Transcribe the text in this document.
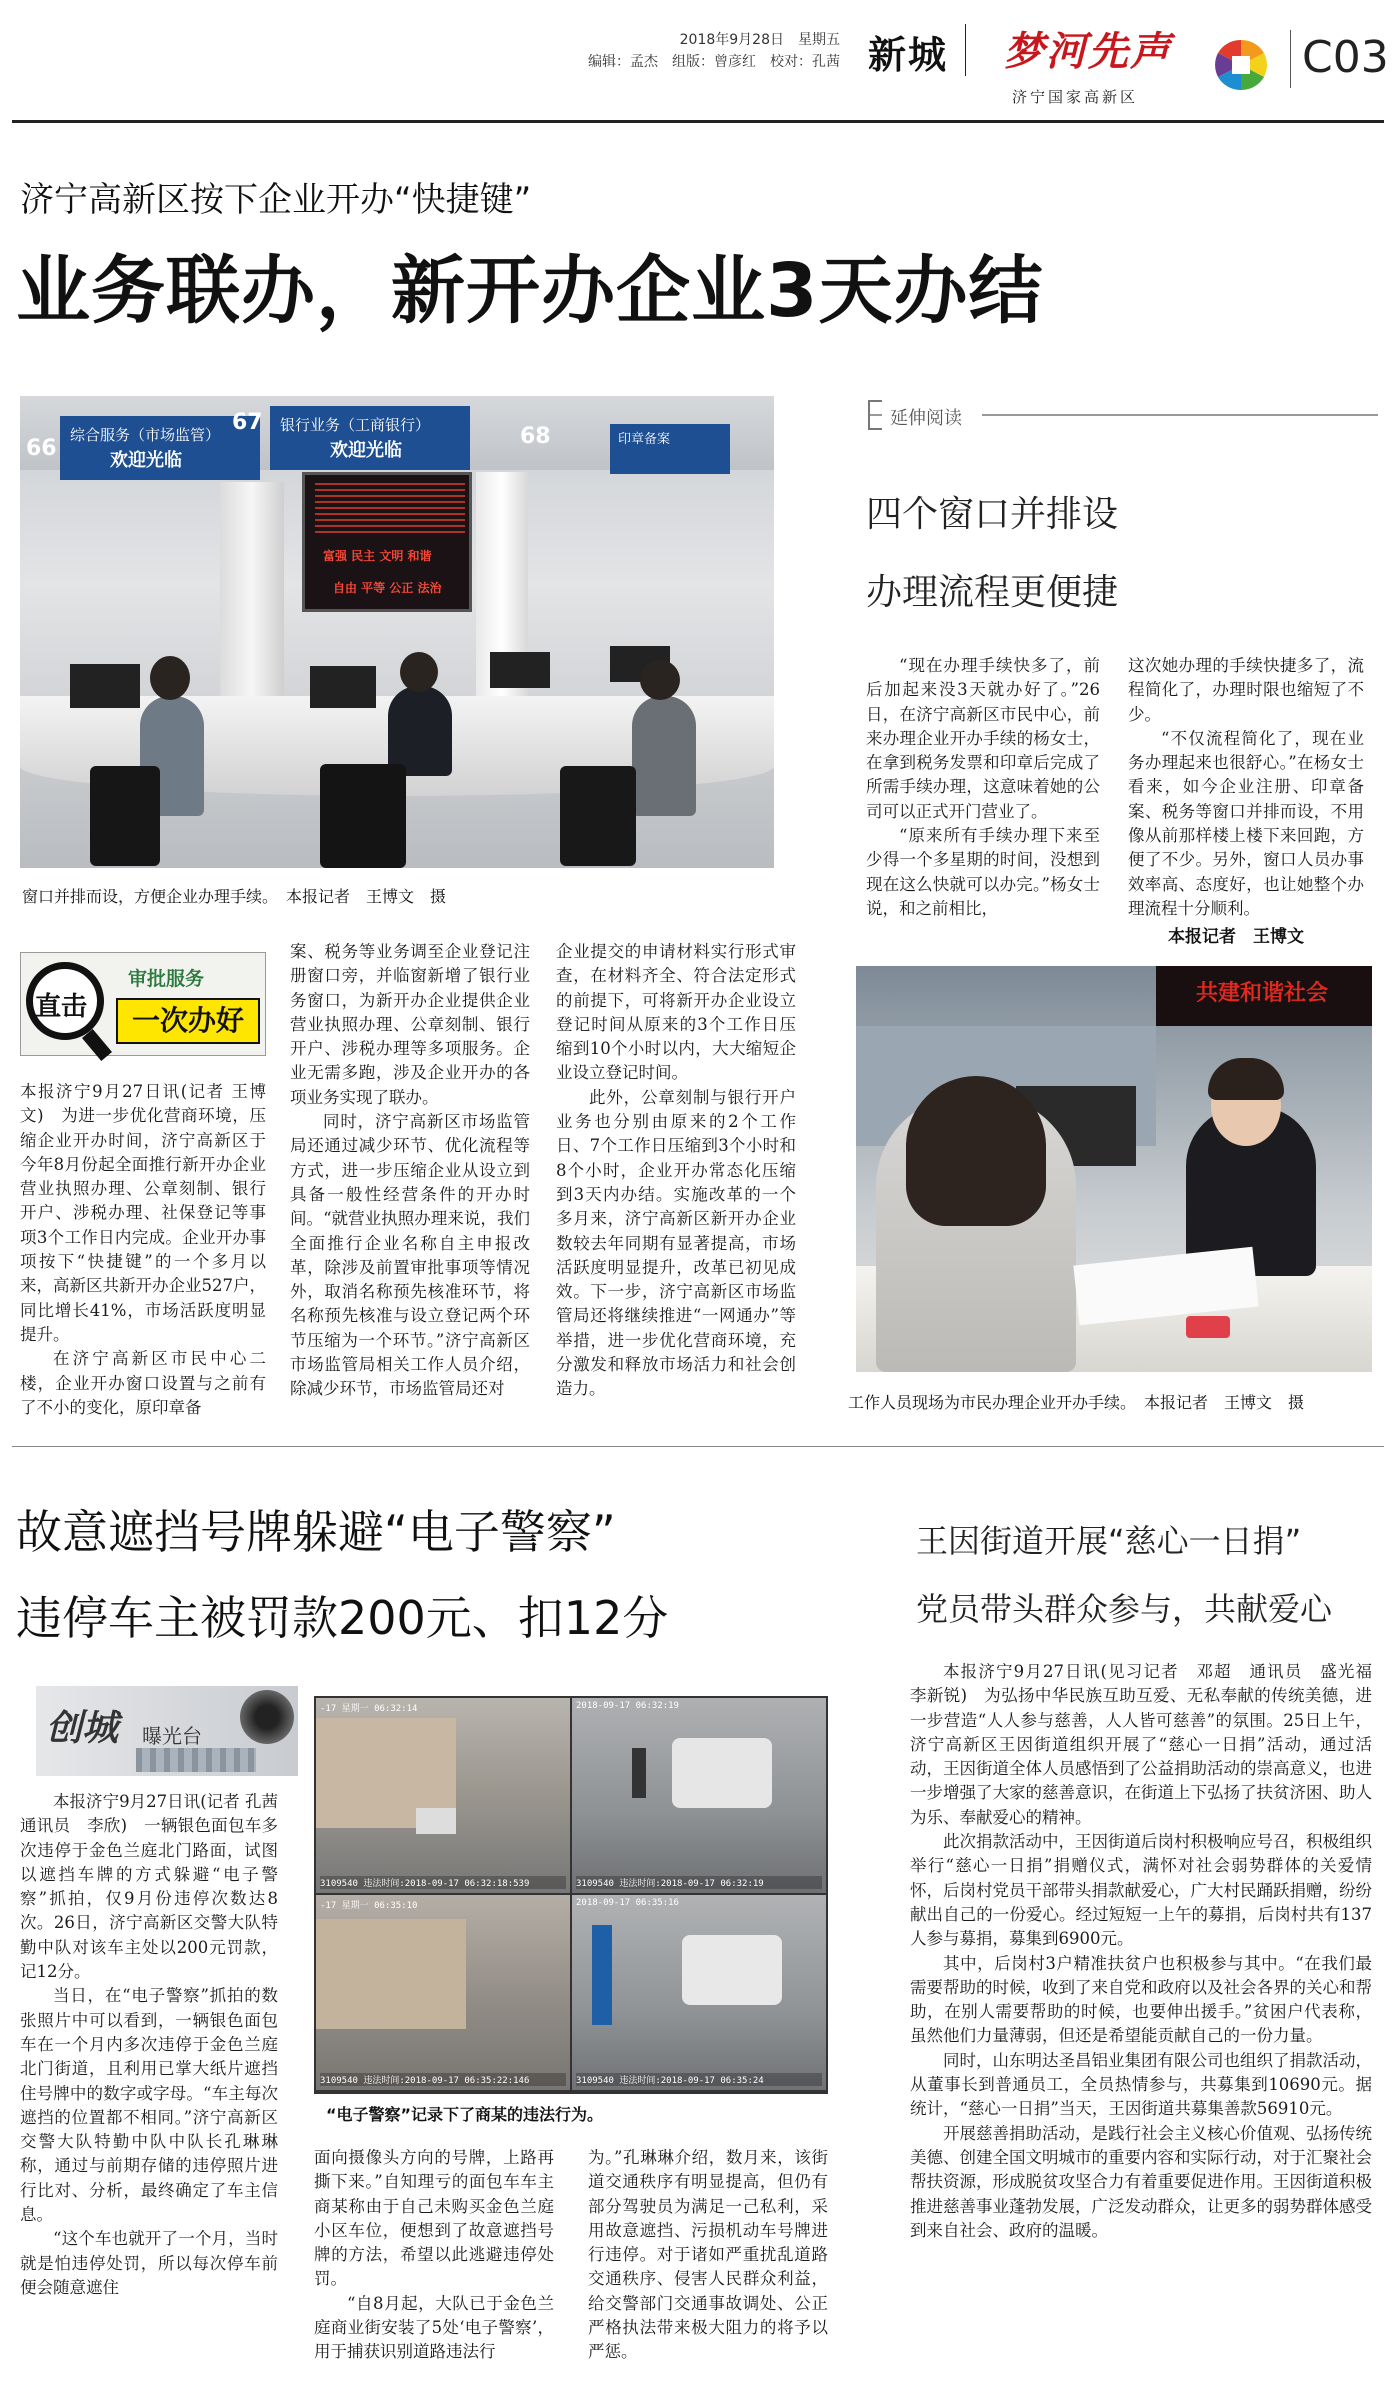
2018年9月28日　星期五
编辑：孟杰　组版：曾彦红　校对：孔茜 新城 梦河先声
济宁国家高新区
C03
济宁高新区按下企业开办“快捷键”
业务联办，新开办企业3天办结
综合服务（市场监管）
欢迎光临
66
67 银行业务（工商银行）
欢迎光临
68	印章备案
富强 民主 文明 和谐
自由 平等 公正 法治
窗口并排而设，方便企业办理手续。　本报记者　王博文　摄
直击
审批服务
一次办好

本报济宁9月27日讯(记者 王博文)　为进一步优化营商环境，压缩企业开办时间，济宁高新区于今年8月份起全面推行新开办企业营业执照办理、公章刻制、银行开户、涉税办理、社保登记等事项3个工作日内完成。企业开办事项按下“快捷键”的一个多月以来，高新区共新开办企业527户，同比增长41%，市场活跃度明显提升。

在济宁高新区市民中心二楼，企业开办窗口设置与之前有了不小的变化，原印章备

案、税务等业务调至企业登记注册窗口旁，并临窗新增了银行业务窗口，为新开办企业提供企业营业执照办理、公章刻制、银行开户、涉税办理等多项服务。企业无需多跑，涉及企业开办的各项业务实现了联办。

同时，济宁高新区市场监管局还通过减少环节、优化流程等方式，进一步压缩企业从设立到具备一般性经营条件的开办时间。“就营业执照办理来说，我们全面推行企业名称自主申报改革，除涉及前置审批事项等情况外，取消名称预先核准环节，将名称预先核准与设立登记两个环节压缩为一个环节。”济宁高新区市场监管局相关工作人员介绍，除减少环节，市场监管局还对

企业提交的申请材料实行形式审查，在材料齐全、符合法定形式的前提下，可将新开办企业设立登记时间从原来的3个工作日压缩到10个小时以内，大大缩短企业设立登记时间。

此外，公章刻制与银行开户业务也分别由原来的2个工作日、7个工作日压缩到3个小时和8个小时，企业开办常态化压缩到3天内办结。实施改革的一个多月来，济宁高新区新开办企业数较去年同期有显著提高，市场活跃度明显提升，改革已初见成效。下一步，济宁高新区市场监管局还将继续推进“一网通办”等举措，进一步优化营商环境，充分激发和释放市场活力和社会创造力。

延伸阅读
四个窗口并排设
办理流程更便捷

“现在办理手续快多了，前后加起来没3天就办好了。”26日，在济宁高新区市民中心，前来办理企业开办手续的杨女士，在拿到税务发票和印章后完成了所需手续办理，这意味着她的公司可以正式开门营业了。

“原来所有手续办理下来至少得一个多星期的时间，没想到现在这么快就可以办完。”杨女士说，和之前相比，

这次她办理的手续快捷多了，流程简化了，办理时限也缩短了不少。

“不仅流程简化了，现在业务办理起来也很舒心。”在杨女士看来，如今企业注册、印章备案、税务等窗口并排而设，不用像从前那样楼上楼下来回跑，方便了不少。另外，窗口人员办事效率高、态度好，也让她整个办理流程十分顺利。

本报记者　王博文
共建和谐社会
工作人员现场为市民办理企业开办手续。　本报记者　王博文　摄
故意遮挡号牌躲避“电子警察”
违停车主被罚款200元、扣12分
创城 曝光台

本报济宁9月27日讯(记者 孔茜　通讯员　李欣)　一辆银色面包车多次违停于金色兰庭北门路面，试图以遮挡车牌的方式躲避“电子警察”抓拍，仅9月份违停次数达8次。26日，济宁高新区交警大队特勤中队对该车主处以200元罚款，记12分。

当日，在“电子警察”抓拍的数张照片中可以看到，一辆银色面包车在一个月内多次违停于金色兰庭北门街道，且利用已掌大纸片遮挡住号牌中的数字或字母。“车主每次遮挡的位置都不相同。”济宁高新区交警大队特勤中队中队长孔琳琳称，通过与前期存储的违停照片进行比对、分析，最终确定了车主信息。

“这个车也就开了一个月，当时就是怕违停处罚，所以每次停车前便会随意遮住

-17 星期一 06:32:14
3109540 违法时间:2018-09-17 06:32:18:539
2018-09-17 06:32:19
3109540 违法时间:2018-09-17 06:32:19
-17 星期一 06:35:10
3109540 违法时间:2018-09-17 06:35:22:146
2018-09-17 06:35:16
3109540 违法时间:2018-09-17 06:35:24
“电子警察”记录下了商某的违法行为。

面向摄像头方向的号牌，上路再撕下来。”自知理亏的面包车车主商某称由于自己未购买金色兰庭小区车位，便想到了故意遮挡号牌的方法，希望以此逃避违停处罚。

“自8月起，大队已于金色兰庭商业街安装了5处‘电子警察’，用于捕获识别道路违法行

为。”孔琳琳介绍，数月来，该街道交通秩序有明显提高，但仍有部分驾驶员为满足一己私利，采用故意遮挡、污损机动车号牌进行违停。对于诸如严重扰乱道路交通秩序、侵害人民群众利益，给交警部门交通事故调处、公正严格执法带来极大阻力的将予以严惩。

王因街道开展“慈心一日捐”
党员带头群众参与，共献爱心

本报济宁9月27日讯(见习记者　邓超　通讯员　盛光福　李新锐)　为弘扬中华民族互助互爱、无私奉献的传统美德，进一步营造“人人参与慈善，人人皆可慈善”的氛围。25日上午，济宁高新区王因街道组织开展了“慈心一日捐”活动，通过活动，王因街道全体人员感悟到了公益捐助活动的崇高意义，也进一步增强了大家的慈善意识，在街道上下弘扬了扶贫济困、助人为乐、奉献爱心的精神。

此次捐款活动中，王因街道后岗村积极响应号召，积极组织举行“慈心一日捐”捐赠仪式，满怀对社会弱势群体的关爱情怀，后岗村党员干部带头捐款献爱心，广大村民踊跃捐赠，纷纷献出自己的一份爱心。经过短短一上午的募捐，后岗村共有137人参与募捐，募集到6900元。

其中，后岗村3户精准扶贫户也积极参与其中。“在我们最需要帮助的时候，收到了来自党和政府以及社会各界的关心和帮助，在别人需要帮助的时候，也要伸出援手。”贫困户代表称，虽然他们力量薄弱，但还是希望能贡献自己的一份力量。

同时，山东明达圣昌铝业集团有限公司也组织了捐款活动，从董事长到普通员工，全员热情参与，共募集到10690元。据统计，“慈心一日捐”当天，王因街道共募集善款56910元。

开展慈善捐助活动，是践行社会主义核心价值观、弘扬传统美德、创建全国文明城市的重要内容和实际行动，对于汇聚社会帮扶资源，形成脱贫攻坚合力有着重要促进作用。王因街道积极推进慈善事业蓬勃发展，广泛发动群众，让更多的弱势群体感受到来自社会、政府的温暖。
